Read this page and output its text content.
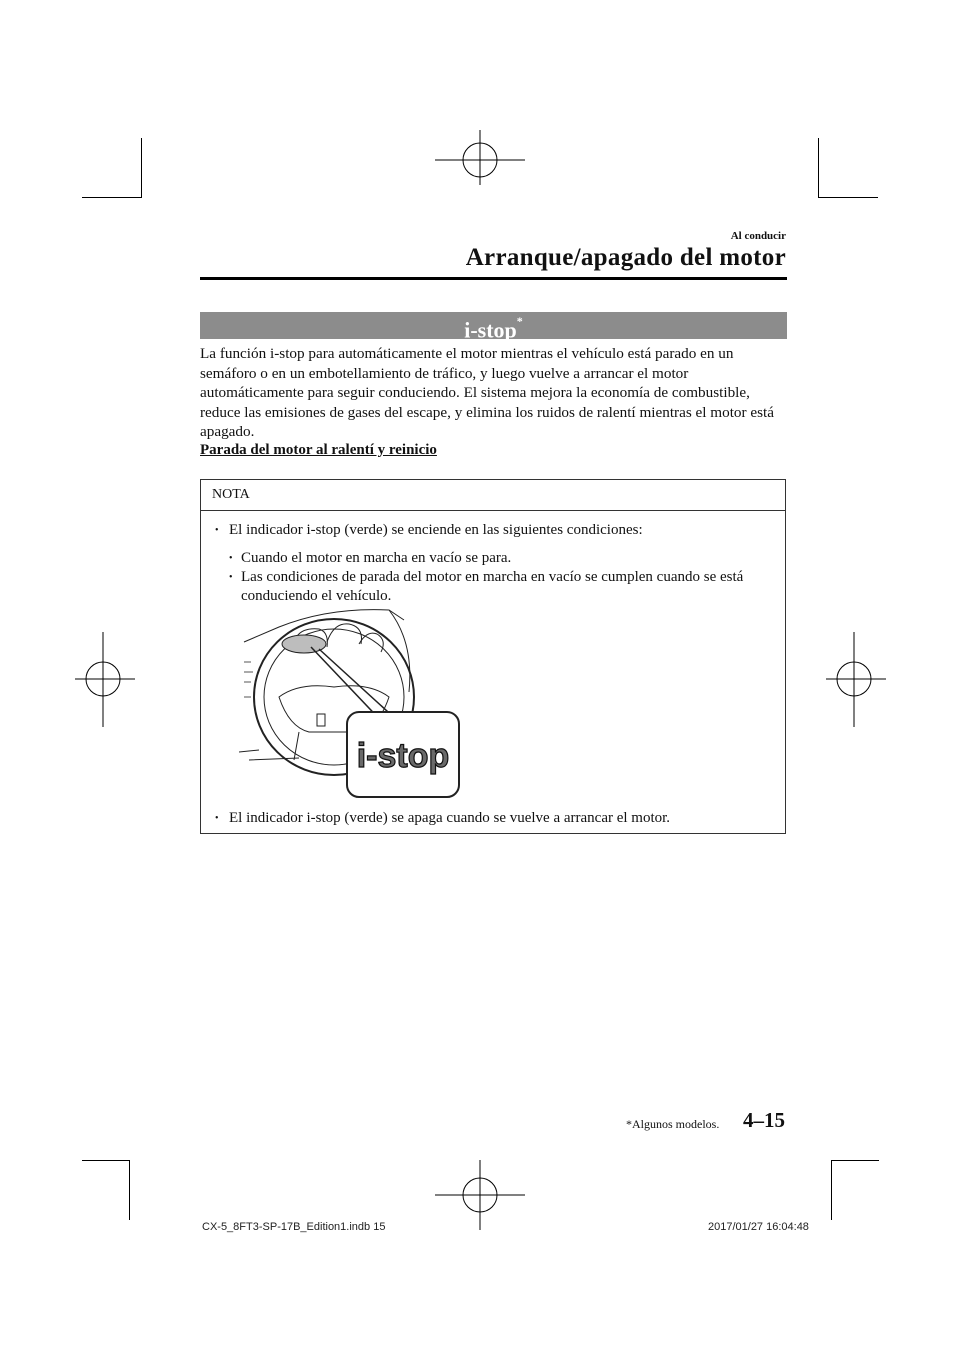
Al conducir
Arranque/apagado del motor
i-stop*

La función i-stop para automáticamente el motor mientras el vehículo está parado en un semáforo o en un embotellamiento de tráfico, y luego vuelve a arrancar el motor automáticamente para seguir conduciendo. El sistema mejora la economía de combustible, reduce las emisiones de gases del escape, y elimina los ruidos de ralentí mientras el motor está apagado.

Parada del motor al ralentí y reinicio
NOTA
• El indicador i-stop (verde) se enciende en las siguientes condiciones:
• Cuando el motor en marcha en vacío se para.
• Las condiciones de parada del motor en marcha en vacío se cumplen cuando se está conduciendo el vehículo.
i-stop
• El indicador i-stop (verde) se apaga cuando se vuelve a arrancar el motor.
*Algunos modelos. 4–15
CX-5_8FT3-SP-17B_Edition1.indb 15	2017/01/27 16:04:48
